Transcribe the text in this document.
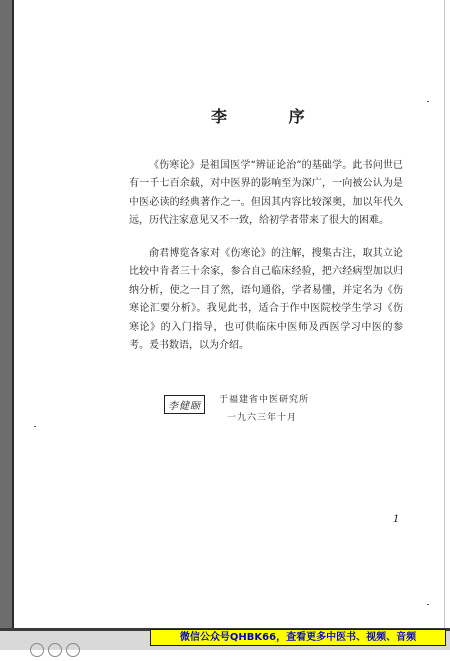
李 序

《伤寒论》是祖国医学“辨证论治”的基础学。此书问世已有一千七百余载，对中医界的影响至为深广，一向被公认为是中医必读的经典著作之一。但因其内容比较深奥，加以年代久远，历代注家意见又不一致，给初学者带来了很大的困难。

俞君博览各家对《伤寒论》的注解，搜集古注，取其立论比较中肯者三十余家，参合自己临床经验，把六经病型加以归纳分析，使之一目了然，语句通俗，学者易懂，并定名为《伤寒论汇要分析》。我见此书，适合于作中医院校学生学习《伤寒论》的入门指导，也可供临床中医师及西医学习中医的参考。爰书数语，以为介绍。

李健颐
于福建省中医研究所
一九六三年十月
1
微信公众号QHBK66，查看更多中医书、视频、音频
